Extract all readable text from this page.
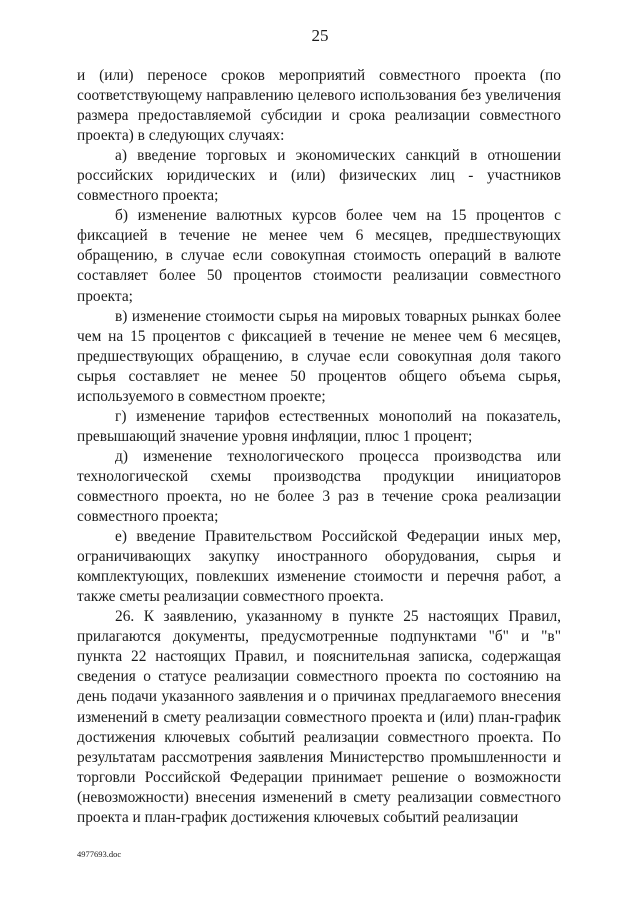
25

и (или) переносе сроков мероприятий совместного проекта (по соответствующему направлению целевого использования без увеличения размера предоставляемой субсидии и срока реализации совместного проекта) в следующих случаях:

а) введение торговых и экономических санкций в отношении российских юридических и (или) физических лиц - участников совместного проекта;

б) изменение валютных курсов более чем на 15 процентов с фиксацией в течение не менее чем 6 месяцев, предшествующих обращению, в случае если совокупная стоимость операций в валюте составляет более 50 процентов стоимости реализации совместного проекта;

в) изменение стоимости сырья на мировых товарных рынках более чем на 15 процентов с фиксацией в течение не менее чем 6 месяцев, предшествующих обращению, в случае если совокупная доля такого сырья составляет не менее 50 процентов общего объема сырья, используемого в совместном проекте;

г) изменение тарифов естественных монополий на показатель, превышающий значение уровня инфляции, плюс 1 процент;

д) изменение технологического процесса производства или технологической схемы производства продукции инициаторов совместного проекта, но не более 3 раз в течение срока реализации совместного проекта;

е) введение Правительством Российской Федерации иных мер, ограничивающих закупку иностранного оборудования, сырья и комплектующих, повлекших изменение стоимости и перечня работ, а также сметы реализации совместного проекта.

26. К заявлению, указанному в пункте 25 настоящих Правил, прилагаются документы, предусмотренные подпунктами "б" и "в" пункта 22 настоящих Правил, и пояснительная записка, содержащая сведения о статусе реализации совместного проекта по состоянию на день подачи указанного заявления и о причинах предлагаемого внесения изменений в смету реализации совместного проекта и (или) план-график достижения ключевых событий реализации совместного проекта. По результатам рассмотрения заявления Министерство промышленности и торговли Российской Федерации принимает решение о возможности (невозможности) внесения изменений в смету реализации совместного проекта и план-график достижения ключевых событий реализации

4977693.doc
